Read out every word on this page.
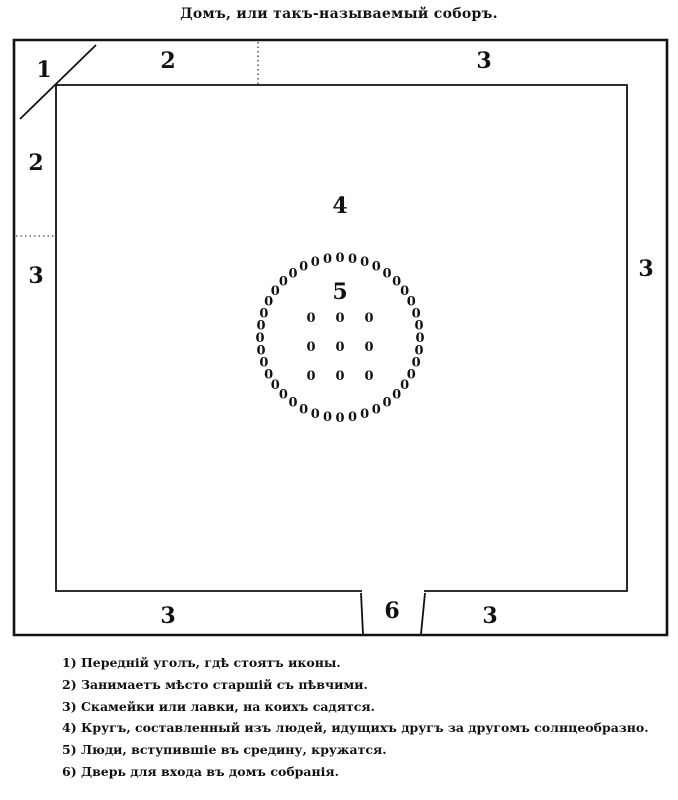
Домъ, или такъ-называемый соборъ.
1	2	3
2
3	3
4
5
3	6	3
0 0 0 0 0
0
0
0
0
0
0
0
0
0
0
0
0
0
0
0
0
0
0
0
0
0
0
0
0
0
0
0
0
0
0
0
0 0 0 0
0 0 0
0 0 0
0 0 0
1) Передній уголъ, гдѣ стоятъ иконы.
2) Занимаетъ мѣсто старшій съ пѣвчими.
3) Скамейки или лавки, на коихъ садятся.
4) Кругъ, составленный изъ людей, идущихъ другъ за другомъ солнцеобразно.
5) Люди, вступившіе въ средину, кружатся.
6) Дверь для входа въ домъ собранія.
